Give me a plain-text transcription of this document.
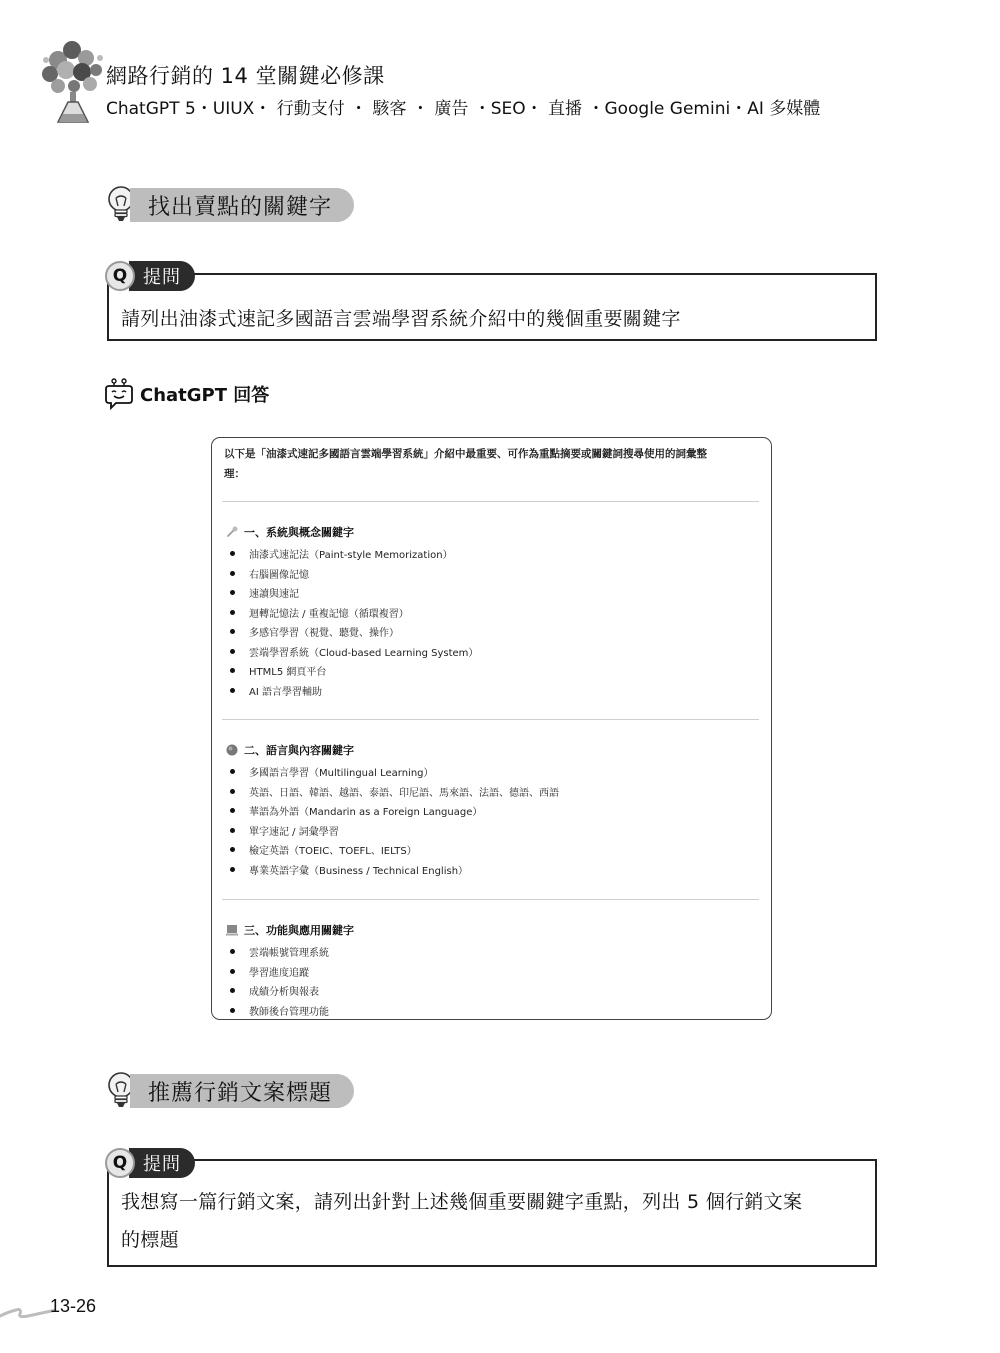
網路行銷的 14 堂關鍵必修課
ChatGPT 5・UIUX・ 行動支付 ・ 駭客 ・ 廣告 ・SEO・ 直播 ・Google Gemini・AI 多媒體
找出賣點的關鍵字
請列出油漆式速記多國語言雲端學習系統介紹中的幾個重要關鍵字
Q 提問
ChatGPT 回答
以下是「油漆式速記多國語言雲端學習系統」介紹中最重要、可作為重點摘要或關鍵詞搜尋使用的詞彙整
理：
一、系統與概念關鍵字
油漆式速記法（Paint-style Memorization）
右腦圖像記憶
速讀與速記
迴轉記憶法 / 重複記憶（循環複習）
多感官學習（視覺、聽覺、操作）
雲端學習系統（Cloud-based Learning System）
HTML5 網頁平台
AI 語言學習輔助
二、語言與內容關鍵字
多國語言學習（Multilingual Learning）
英語、日語、韓語、越語、泰語、印尼語、馬來語、法語、德語、西語
華語為外語（Mandarin as a Foreign Language）
單字速記 / 詞彙學習
檢定英語（TOEIC、TOEFL、IELTS）
專業英語字彙（Business / Technical English）
三、功能與應用關鍵字
雲端帳號管理系統
學習進度追蹤
成績分析與報表
教師後台管理功能
推薦行銷文案標題
我想寫一篇行銷文案，請列出針對上述幾個重要關鍵字重點，列出 5 個行銷文案
的標題
Q 提問
13-26
